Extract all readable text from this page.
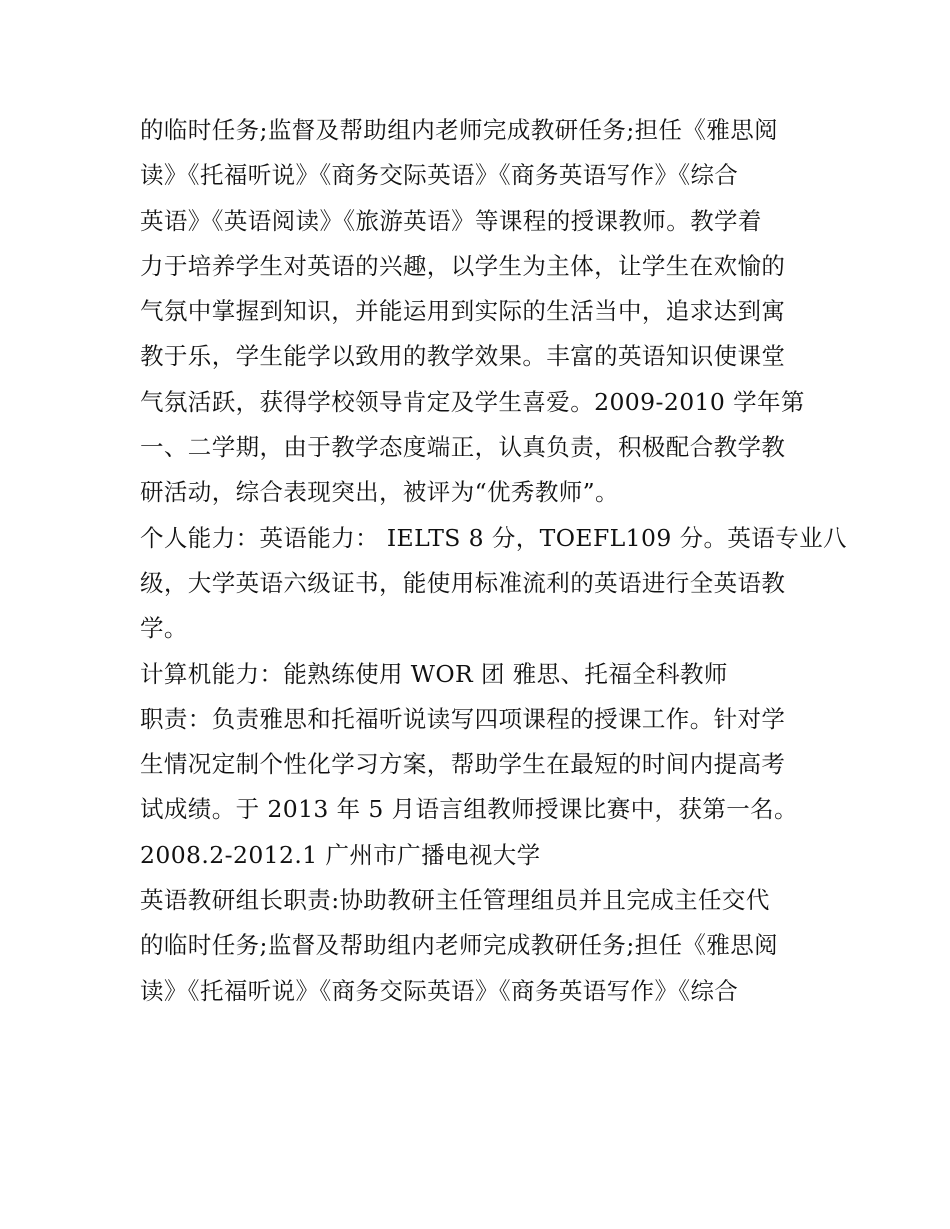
的临时任务;监督及帮助组内老师完成教研任务;担任《雅思阅
读》《托福听说》《商务交际英语》《商务英语写作》《综合
英语》《英语阅读》《旅游英语》等课程的授课教师。教学着
力于培养学生对英语的兴趣，以学生为主体，让学生在欢愉的
气氛中掌握到知识，并能运用到实际的生活当中，追求达到寓
教于乐，学生能学以致用的教学效果。丰富的英语知识使课堂
气氛活跃，获得学校领导肯定及学生喜爱。2009-2010 学年第
一、二学期，由于教学态度端正，认真负责，积极配合教学教
研活动，综合表现突出，被评为“优秀教师”。
个人能力：英语能力： IELTS 8 分，TOEFL109 分。英语专业八
级，大学英语六级证书，能使用标准流利的英语进行全英语教
学。
计算机能力：能熟练使用 WOR 团 雅思、托福全科教师
职责：负责雅思和托福听说读写四项课程的授课工作。针对学
生情况定制个性化学习方案，帮助学生在最短的时间内提高考
试成绩。于 2013 年 5 月语言组教师授课比赛中，获第一名。
2008.2-2012.1 广州市广播电视大学
英语教研组长职责:协助教研主任管理组员并且完成主任交代
的临时任务;监督及帮助组内老师完成教研任务;担任《雅思阅
读》《托福听说》《商务交际英语》《商务英语写作》《综合
